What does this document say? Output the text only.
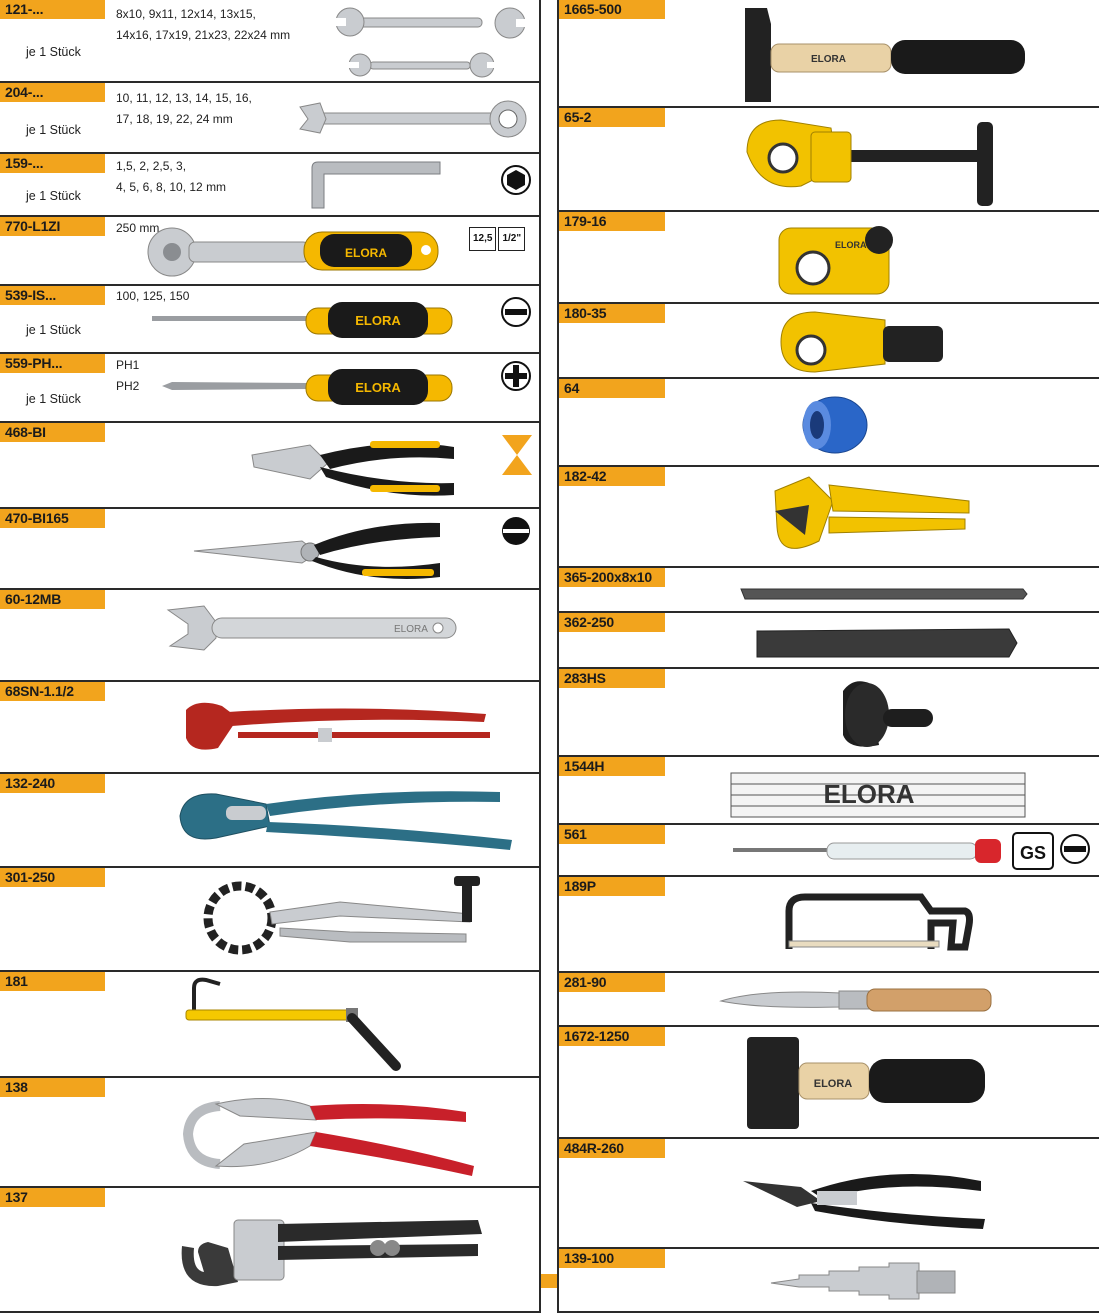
121-...
je 1 Stück
8x10, 9x11, 12x14, 13x15,
14x16, 17x19, 21x23, 22x24 mm
204-...
je 1 Stück
10, 11, 12, 13, 14, 15, 16,
17, 18, 19, 22, 24 mm
159-...
je 1 Stück
1,5, 2, 2,5, 3,
4, 5, 6, 8, 10, 12 mm
770-L1ZI	250 mm
ELORA
12,5 1/2"
539-IS...
je 1 Stück
100, 125, 150
ELORA
559-PH...
je 1 Stück
PH1
PH2	ELORA
468-BI
470-BI165
60-12MB
ELORA
68SN-1.1/2
132-240
301-250
181
138
137
1665-500
ELORA
65-2
179-16
ELORA
180-35
64
182-42
365-200x8x10
362-250
283HS
1544H
ELORA
561
GS
189P
281-90
1672-1250
ELORA
484R-260
139-100
